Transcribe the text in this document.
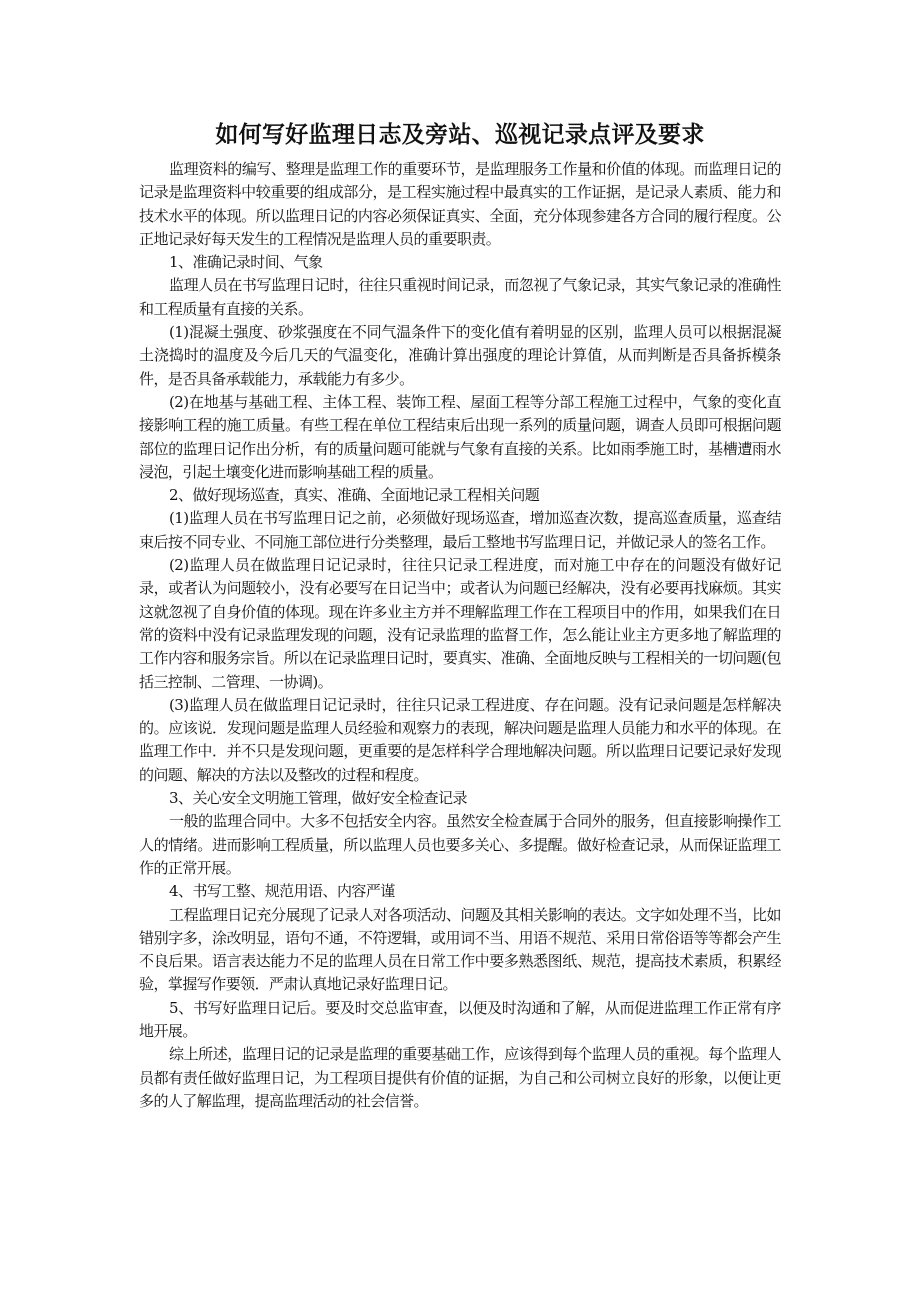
如何写好监理日志及旁站、巡视记录点评及要求

监理资料的编写、整理是监理工作的重要环节，是监理服务工作量和价值的体现。而监理日记的记录是监理资料中较重要的组成部分，是工程实施过程中最真实的工作证据，是记录人素质、能力和技术水平的体现。所以监理日记的内容必须保证真实、全面，充分体现参建各方合同的履行程度。公正地记录好每天发生的工程情况是监理人员的重要职责。

1、准确记录时间、气象

监理人员在书写监理日记时，往往只重视时间记录，而忽视了气象记录，其实气象记录的准确性和工程质量有直接的关系。

(1)混凝土强度、砂浆强度在不同气温条件下的变化值有着明显的区别，监理人员可以根据混凝土浇捣时的温度及今后几天的气温变化，准确计算出强度的理论计算值，从而判断是否具备拆模条件，是否具备承载能力，承载能力有多少。

(2)在地基与基础工程、主体工程、装饰工程、屋面工程等分部工程施工过程中，气象的变化直接影响工程的施工质量。有些工程在单位工程结束后出现一系列的质量问题，调查人员即可根据问题部位的监理日记作出分析，有的质量问题可能就与气象有直接的关系。比如雨季施工时，基槽遭雨水浸泡，引起土壤变化进而影响基础工程的质量。

2、做好现场巡查，真实、准确、全面地记录工程相关问题

(1)监理人员在书写监理日记之前，必须做好现场巡查，增加巡查次数，提高巡查质量，巡查结束后按不同专业、不同施工部位进行分类整理，最后工整地书写监理日记，并做记录人的签名工作。

(2)监理人员在做监理日记记录时，往往只记录工程进度，而对施工中存在的问题没有做好记录，或者认为问题较小，没有必要写在日记当中；或者认为问题已经解决，没有必要再找麻烦。其实这就忽视了自身价值的体现。现在许多业主方并不理解监理工作在工程项目中的作用，如果我们在日常的资料中没有记录监理发现的问题，没有记录监理的监督工作，怎么能让业主方更多地了解监理的工作内容和服务宗旨。所以在记录监理日记时，要真实、准确、全面地反映与工程相关的一切问题(包括三控制、二管理、一协调)。

(3)监理人员在做监理日记记录时，往往只记录工程进度、存在问题。没有记录问题是怎样解决的。应该说．发现问题是监理人员经验和观察力的表现，解决问题是监理人员能力和水平的体现。在监理工作中．并不只是发现问题，更重要的是怎样科学合理地解决问题。所以监理日记要记录好发现的问题、解决的方法以及整改的过程和程度。

3、关心安全文明施工管理，做好安全检查记录

一般的监理合同中。大多不包括安全内容。虽然安全检查属于合同外的服务，但直接影响操作工人的情绪。进而影响工程质量，所以监理人员也要多关心、多提醒。做好检查记录，从而保证监理工作的正常开展。

4、书写工整、规范用语、内容严谨

工程监理日记充分展现了记录人对各项活动、问题及其相关影响的表达。文字如处理不当，比如错别字多，涂改明显，语句不通，不符逻辑，或用词不当、用语不规范、采用日常俗语等等都会产生不良后果。语言表达能力不足的监理人员在日常工作中要多熟悉图纸、规范，提高技术素质，积累经验，掌握写作要领．严肃认真地记录好监理日记。

5、书写好监理日记后。要及时交总监审查，以便及时沟通和了解，从而促进监理工作正常有序地开展。

综上所述，监理日记的记录是监理的重要基础工作，应该得到每个监理人员的重视。每个监理人员都有责任做好监理日记，为工程项目提供有价值的证据，为自己和公司树立良好的形象，以便让更多的人了解监理，提高监理活动的社会信誉。
